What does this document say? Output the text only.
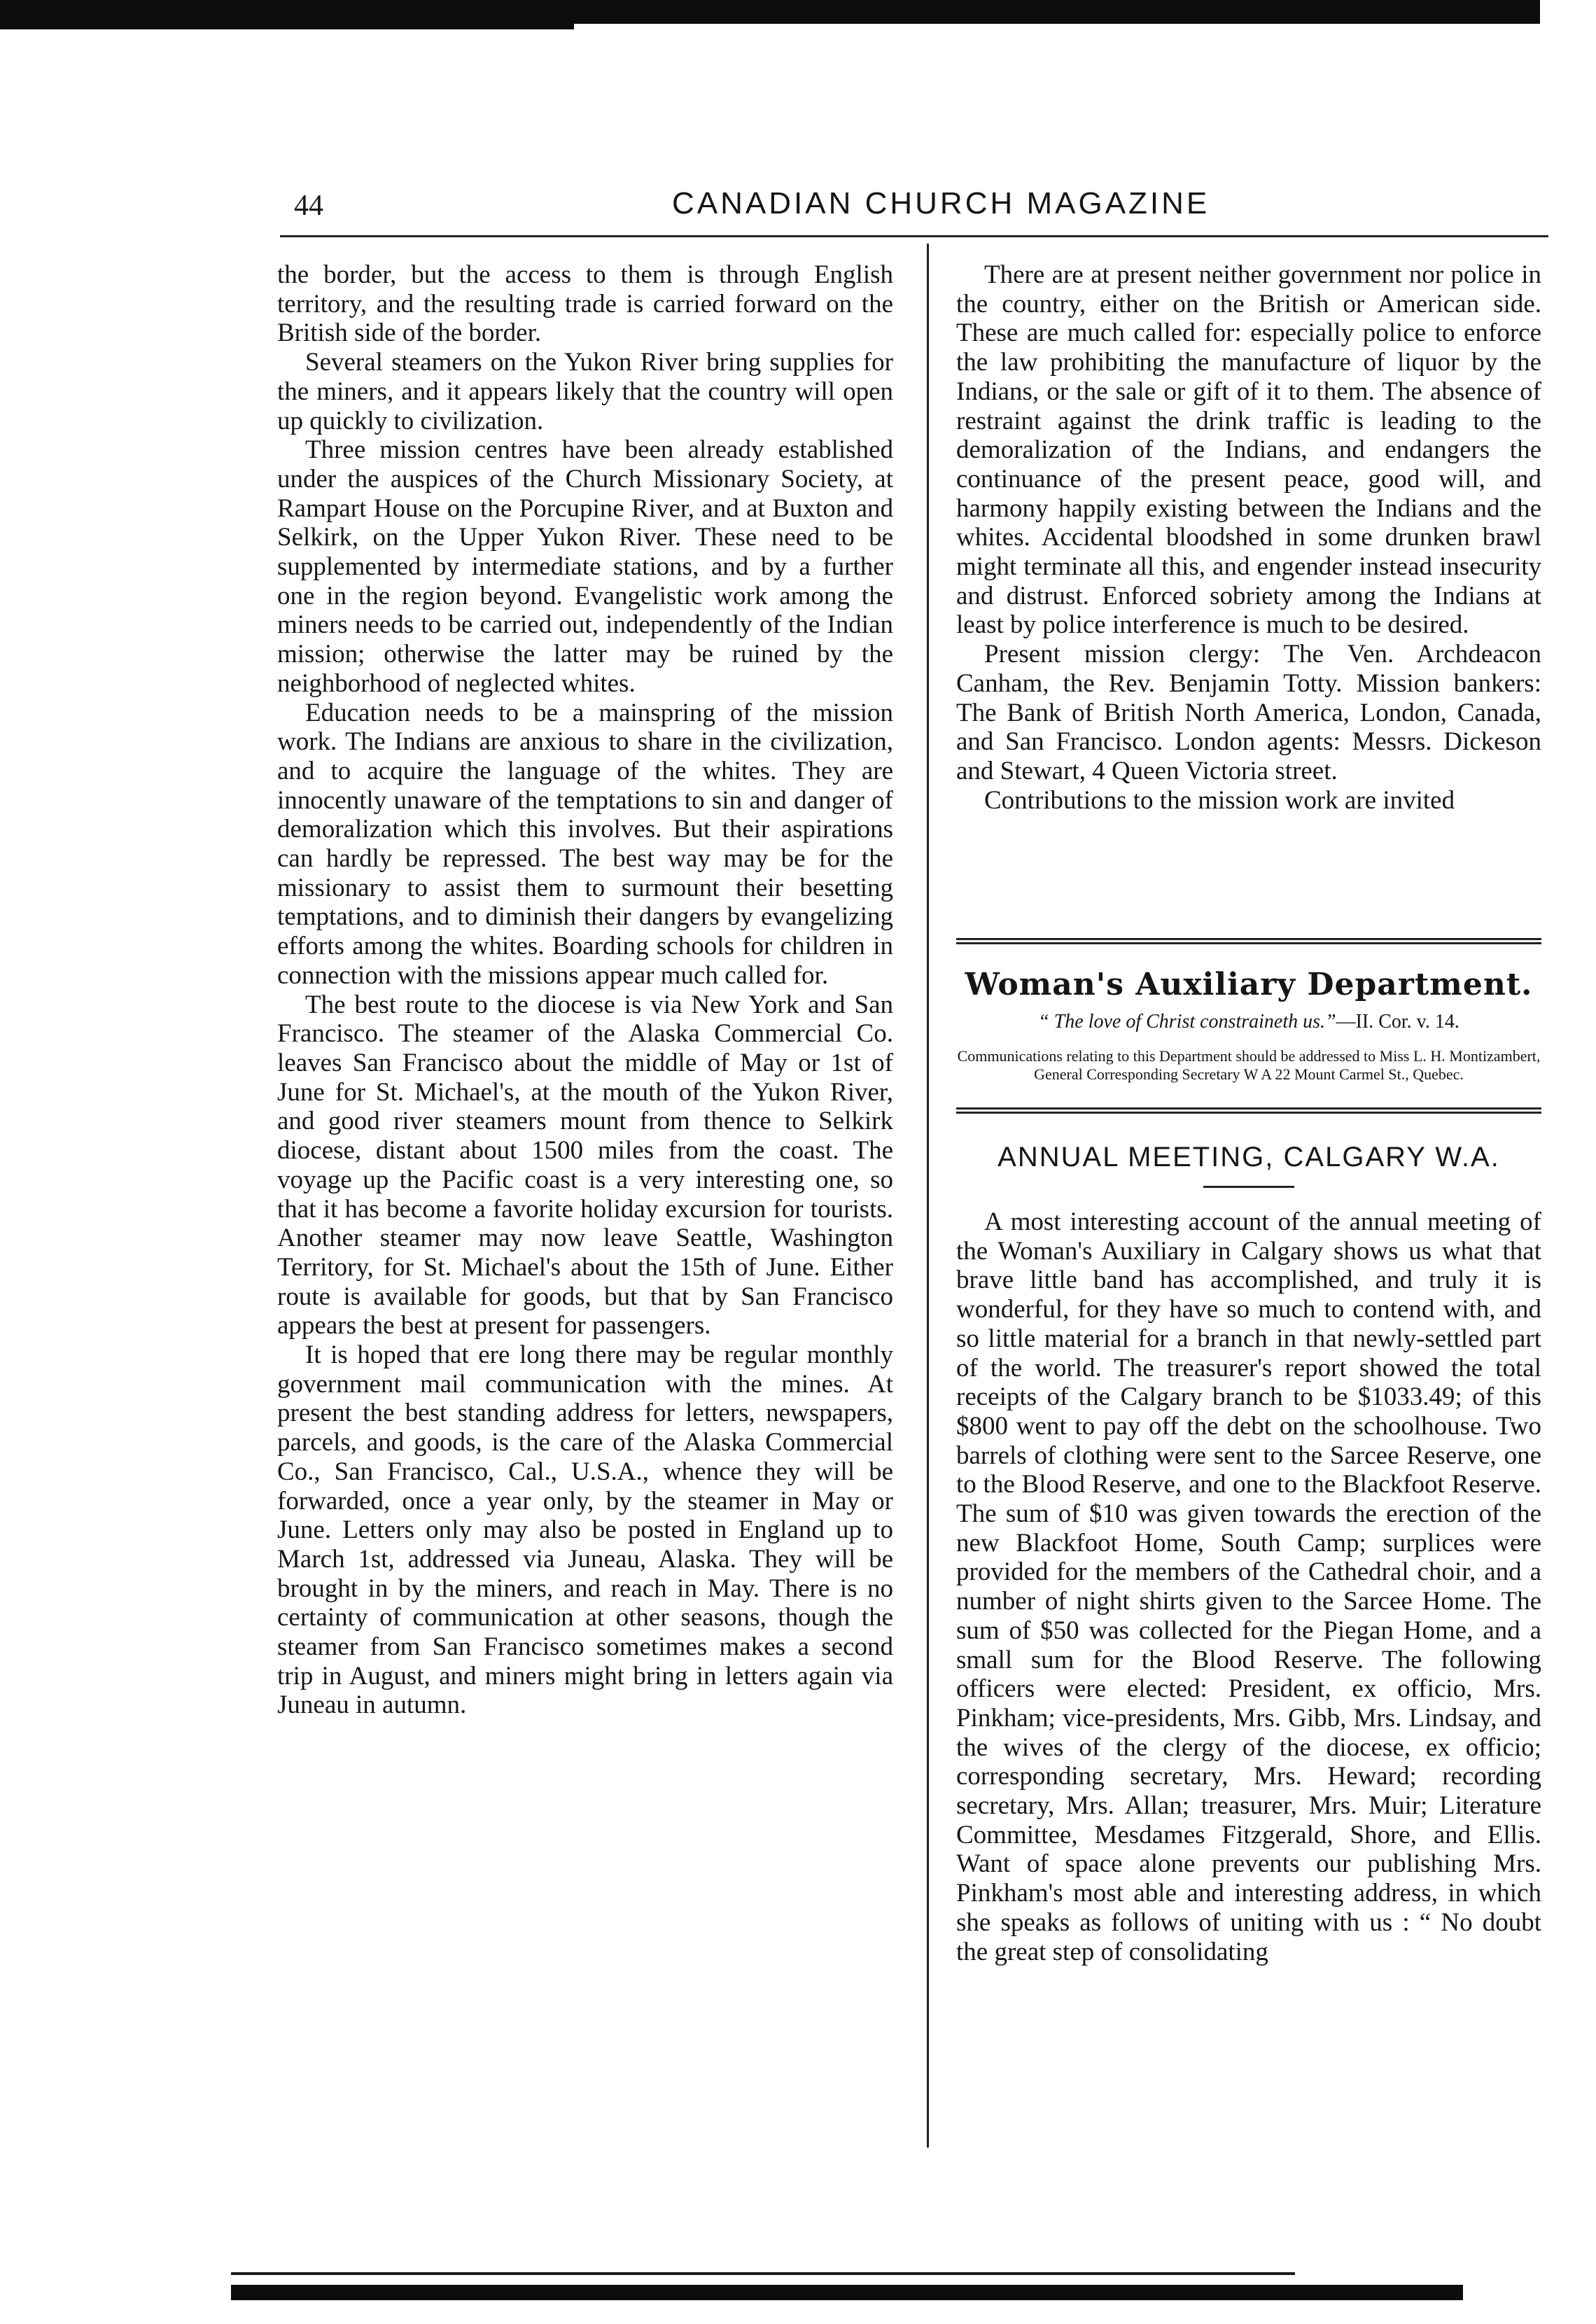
44	CANADIAN CHURCH MAGAZINE

the border, but the access to them is through English territory, and the resulting trade is carried forward on the British side of the border.

Several steamers on the Yukon River bring supplies for the miners, and it appears likely that the country will open up quickly to civilization.

Three mission centres have been already established under the auspices of the Church Missionary Society, at Rampart House on the Porcupine River, and at Buxton and Selkirk, on the Upper Yukon River. These need to be supplemented by intermediate stations, and by a further one in the region beyond. Evangelistic work among the miners needs to be carried out, independently of the Indian mission; otherwise the latter may be ruined by the neighborhood of neglected whites.

Education needs to be a mainspring of the mission work. The Indians are anxious to share in the civilization, and to acquire the language of the whites. They are innocently unaware of the temptations to sin and danger of demoralization which this involves. But their aspirations can hardly be repressed. The best way may be for the missionary to assist them to surmount their besetting temptations, and to diminish their dangers by evangelizing efforts among the whites. Boarding schools for children in connection with the missions appear much called for.

The best route to the diocese is via New York and San Francisco. The steamer of the Alaska Commercial Co. leaves San Francisco about the middle of May or 1st of June for St. Michael's, at the mouth of the Yukon River, and good river steamers mount from thence to Selkirk diocese, distant about 1500 miles from the coast. The voyage up the Pacific coast is a very interesting one, so that it has become a favorite holiday excursion for tourists. Another steamer may now leave Seattle, Washington Territory, for St. Michael's about the 15th of June. Either route is available for goods, but that by San Francisco appears the best at present for passengers.

It is hoped that ere long there may be regular monthly government mail communication with the mines. At present the best standing address for letters, newspapers, parcels, and goods, is the care of the Alaska Commercial Co., San Francisco, Cal., U.S.A., whence they will be forwarded, once a year only, by the steamer in May or June. Letters only may also be posted in England up to March 1st, addressed via Juneau, Alaska. They will be brought in by the miners, and reach in May. There is no certainty of communication at other seasons, though the steamer from San Francisco sometimes makes a second trip in August, and miners might bring in letters again via Juneau in autumn.

There are at present neither government nor police in the country, either on the British or American side. These are much called for: especially police to enforce the law prohibiting the manufacture of liquor by the Indians, or the sale or gift of it to them. The absence of restraint against the drink traffic is leading to the demoralization of the Indians, and endangers the continuance of the present peace, good will, and harmony happily existing between the Indians and the whites. Accidental bloodshed in some drunken brawl might terminate all this, and engender instead insecurity and distrust. Enforced sobriety among the Indians at least by police interference is much to be desired.

Present mission clergy: The Ven. Archdeacon Canham, the Rev. Benjamin Totty. Mission bankers: The Bank of British North America, London, Canada, and San Francisco. London agents: Messrs. Dickeson and Stewart, 4 Queen Victoria street.

Contributions to the mission work are invited

Woman's Auxiliary Department.
“ The love of Christ constraineth us.”—II. Cor. v. 14.
Communications relating to this Department should be addressed to Miss L. H. Montizambert, General Corresponding Secretary W A 22 Mount Carmel St., Quebec.
ANNUAL MEETING, CALGARY W.A.

A most interesting account of the annual meeting of the Woman's Auxiliary in Calgary shows us what that brave little band has accomplished, and truly it is wonderful, for they have so much to contend with, and so little material for a branch in that newly-settled part of the world. The treasurer's report showed the total receipts of the Calgary branch to be $1033.49; of this $800 went to pay off the debt on the schoolhouse. Two barrels of clothing were sent to the Sarcee Reserve, one to the Blood Reserve, and one to the Blackfoot Reserve. The sum of $10 was given towards the erection of the new Blackfoot Home, South Camp; surplices were provided for the members of the Cathedral choir, and a number of night shirts given to the Sarcee Home. The sum of $50 was collected for the Piegan Home, and a small sum for the Blood Reserve. The following officers were elected: President, ex officio, Mrs. Pinkham; vice-presidents, Mrs. Gibb, Mrs. Lindsay, and the wives of the clergy of the diocese, ex officio; corresponding secretary, Mrs. Heward; recording secretary, Mrs. Allan; treasurer, Mrs. Muir; Literature Committee, Mesdames Fitzgerald, Shore, and Ellis. Want of space alone prevents our publishing Mrs. Pinkham's most able and interesting address, in which she speaks as follows of uniting with us : “ No doubt the great step of consolidating
